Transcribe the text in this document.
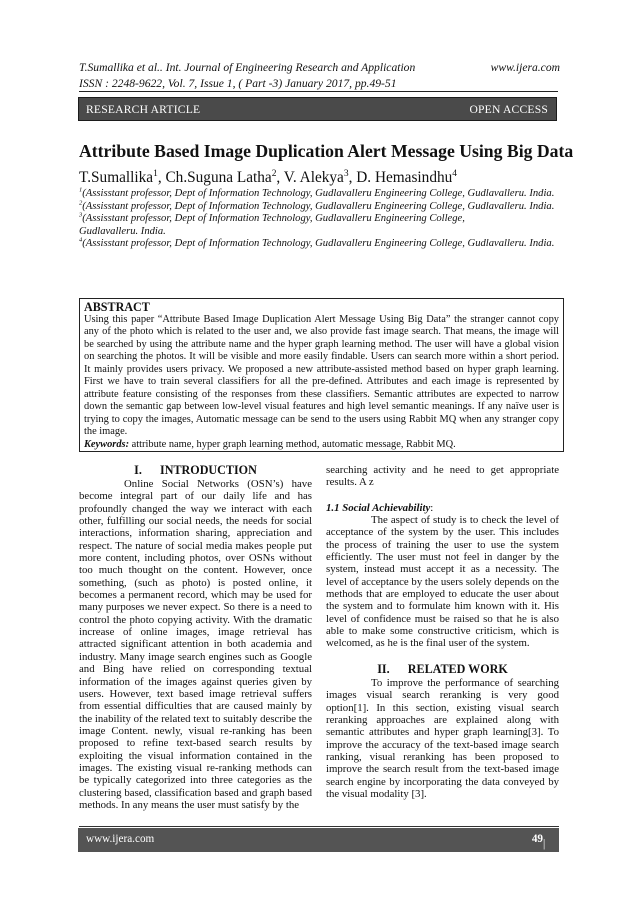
T.Sumallika et al.. Int. Journal of Engineering Research and Application
ISSN : 2248-9622, Vol. 7, Issue 1, ( Part -3) January 2017, pp.49-51
www.ijera.com
RESEARCH ARTICLE	OPEN ACCESS
Attribute Based Image Duplication Alert Message Using Big Data
T.Sumallika$^1$, Ch.Suguna Latha$^2$, V. Alekya$^3$, D. Hemasindhu$^4$
$^1$(Assisstant professor, Dept of Information Technology, Gudlavalleru Engineering College, Gudlavalleru. India.
$^2$(Assisstant professor, Dept of Information Technology, Gudlavalleru Engineering College, Gudlavalleru. India.
$^3$(Assisstant professor, Dept of Information Technology, Gudlavalleru Engineering College, Gudlavalleru. India.
$^4$(Assisstant professor, Dept of Information Technology, Gudlavalleru Engineering College, Gudlavalleru. India.
ABSTRACT
Using this paper “Attribute Based Image Duplication Alert Message Using Big Data” the stranger cannot copy any of the photo which is related to the user and, we also provide fast image search. That means, the image will be searched by using the attribute name and the hyper graph learning method. The user will have a global vision on searching the photos. It will be visible and more easily findable. Users can search more within a short period. It mainly provides users privacy. We proposed a new attribute-assisted method based on hyper graph learning. First we have to train several classifiers for all the pre-defined. Attributes and each image is represented by attribute feature consisting of the responses from these classifiers. Semantic attributes are expected to narrow down the semantic gap between low-level visual features and high level semantic meanings. If any naïve user is trying to copy the images, Automatic message can be send to the users using Rabbit MQ when any stranger copy the image.
Keywords: attribute name, hyper graph learning method, automatic message, Rabbit MQ.

I.      INTRODUCTION

Online Social Networks (OSN’s) have become integral part of our daily life and has profoundly changed the way we interact with each other, fulfilling our social needs, the needs for social interactions, information sharing, appreciation and respect. The nature of social media makes people put more content, including photos, over OSNs without too much thought on the content. However, once something, (such as photo) is posted online, it becomes a permanent record, which may be used for many purposes we never expect. So there is a need to control the photo copying activity. With the dramatic increase of online images, image retrieval has attracted significant attention in both academia and industry. Many image search engines such as Google and Bing have relied on corresponding textual information of the images against queries given by users. However, text based image retrieval suffers from essential difficulties that are caused mainly by the inability of the related text to suitably describe the image Content. newly, visual re-ranking has been proposed to refine text-based search results by exploiting the visual information contained in the images. The existing visual re-ranking methods can be typically categorized into three categories as the clustering based, classification based and graph based methods. In any means the user must satisfy by the

searching activity and he need to get appropriate results. A z

1.1 Social Achievability:

The aspect of study is to check the level of acceptance of the system by the user. This includes the process of training the user to use the system efficiently. The user must not feel in danger by the system, instead must accept it as a necessity. The level of acceptance by the users solely depends on the methods that are employed to educate the user about the system and to formulate him known with it. His level of confidence must be raised so that he is also able to make some constructive criticism, which is welcomed, as he is the final user of the system.

II.      RELATED WORK

To improve the performance of searching images visual search reranking is very good option[1]. In this section, existing visual search reranking approaches are explained along with semantic attributes and hyper graph learning[3]. To improve the accuracy of the text-based image search ranking, visual reranking has been proposed to improve the search result from the text-based image search engine by incorporating the data conveyed by the visual modality [3].

www.ijera.com	49 | P a g e
